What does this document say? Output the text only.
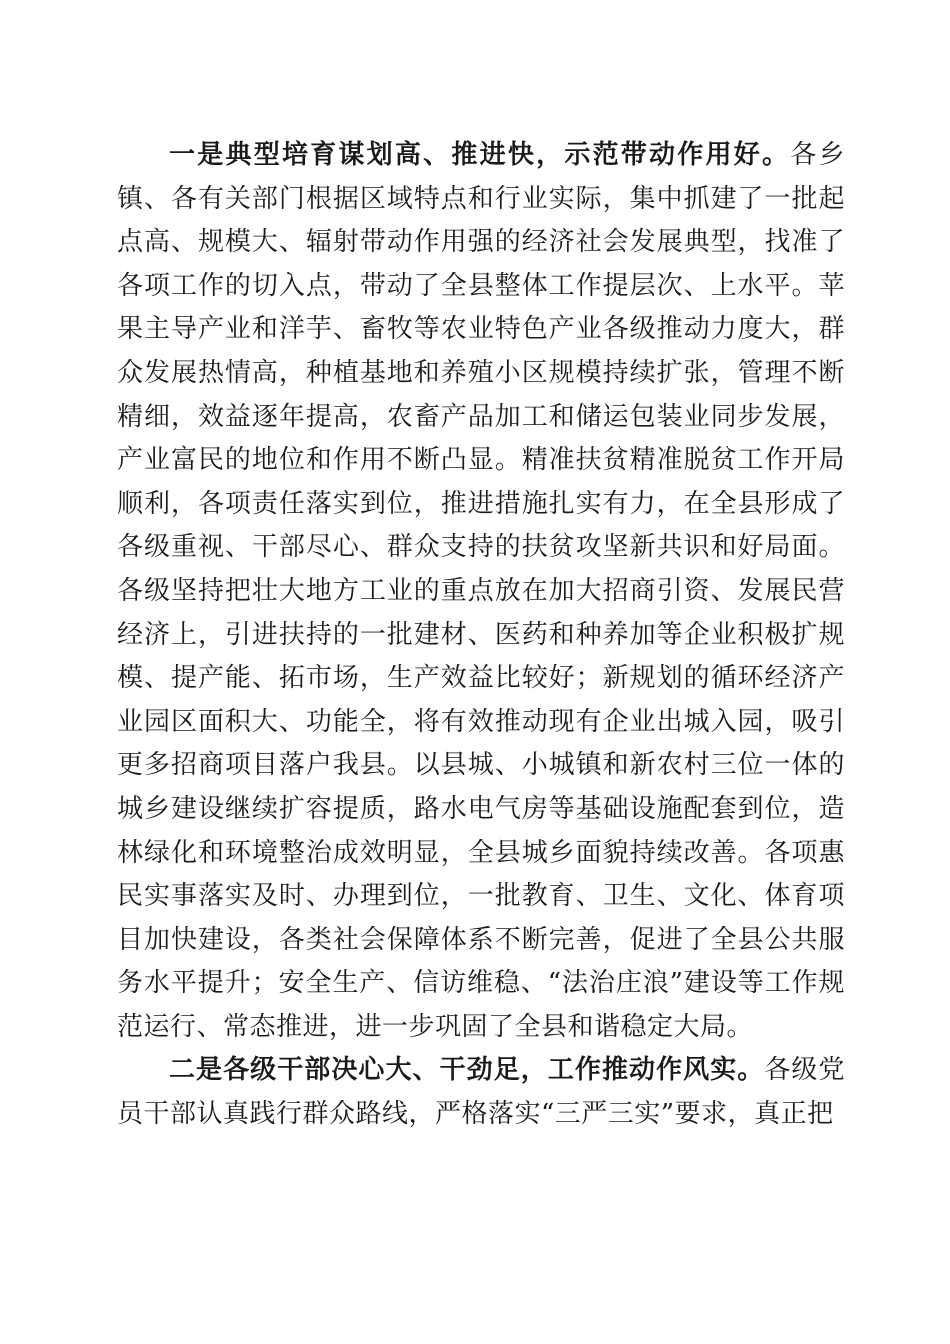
一是典型培育谋划高、推进快，示范带动作用好。各乡镇、各有关部门根据区域特点和行业实际，集中抓建了一批起点高、规模大、辐射带动作用强的经济社会发展典型，找准了各项工作的切入点，带动了全县整体工作提层次、上水平。苹果主导产业和洋芋、畜牧等农业特色产业各级推动力度大，群众发展热情高，种植基地和养殖小区规模持续扩张，管理不断精细，效益逐年提高，农畜产品加工和储运包装业同步发展，产业富民的地位和作用不断凸显。精准扶贫精准脱贫工作开局顺利，各项责任落实到位，推进措施扎实有力，在全县形成了各级重视、干部尽心、群众支持的扶贫攻坚新共识和好局面。各级坚持把壮大地方工业的重点放在加大招商引资、发展民营经济上，引进扶持的一批建材、医药和种养加等企业积极扩规模、提产能、拓市场，生产效益比较好；新规划的循环经济产业园区面积大、功能全，将有效推动现有企业出城入园，吸引更多招商项目落户我县。以县城、小城镇和新农村三位一体的城乡建设继续扩容提质，路水电气房等基础设施配套到位，造林绿化和环境整治成效明显，全县城乡面貌持续改善。各项惠民实事落实及时、办理到位，一批教育、卫生、文化、体育项目加快建设，各类社会保障体系不断完善，促进了全县公共服务水平提升；安全生产、信访维稳、“法治庄浪”建设等工作规范运行、常态推进，进一步巩固了全县和谐稳定大局。

二是各级干部决心大、干劲足，工作推动作风实。各级党员干部认真践行群众路线，严格落实“三严三实”要求，真正把
